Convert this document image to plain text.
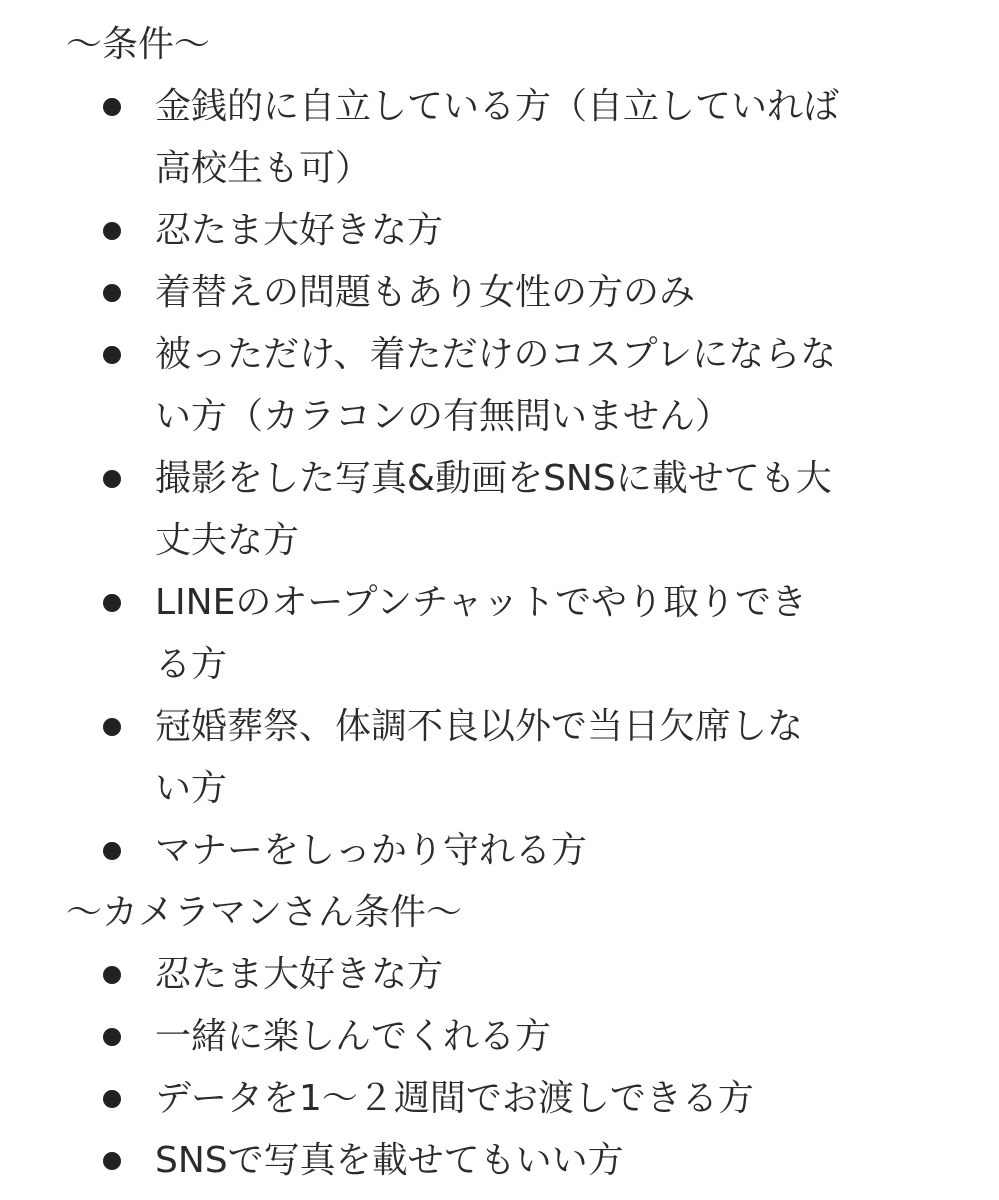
〜条件〜
金銭的に自立している方（自立していれば
高校生も可）
忍たま大好きな方
着替えの問題もあり女性の方のみ
被っただけ、着ただけのコスプレにならな
い方（カラコンの有無問いません）
撮影をした写真&動画をSNSに載せても大
丈夫な方
LINEのオープンチャットでやり取りでき
る方
冠婚葬祭、体調不良以外で当日欠席しな
い方
マナーをしっかり守れる方
〜カメラマンさん条件〜
忍たま大好きな方
一緒に楽しんでくれる方
データを1〜２週間でお渡しできる方
SNSで写真を載せてもいい方
